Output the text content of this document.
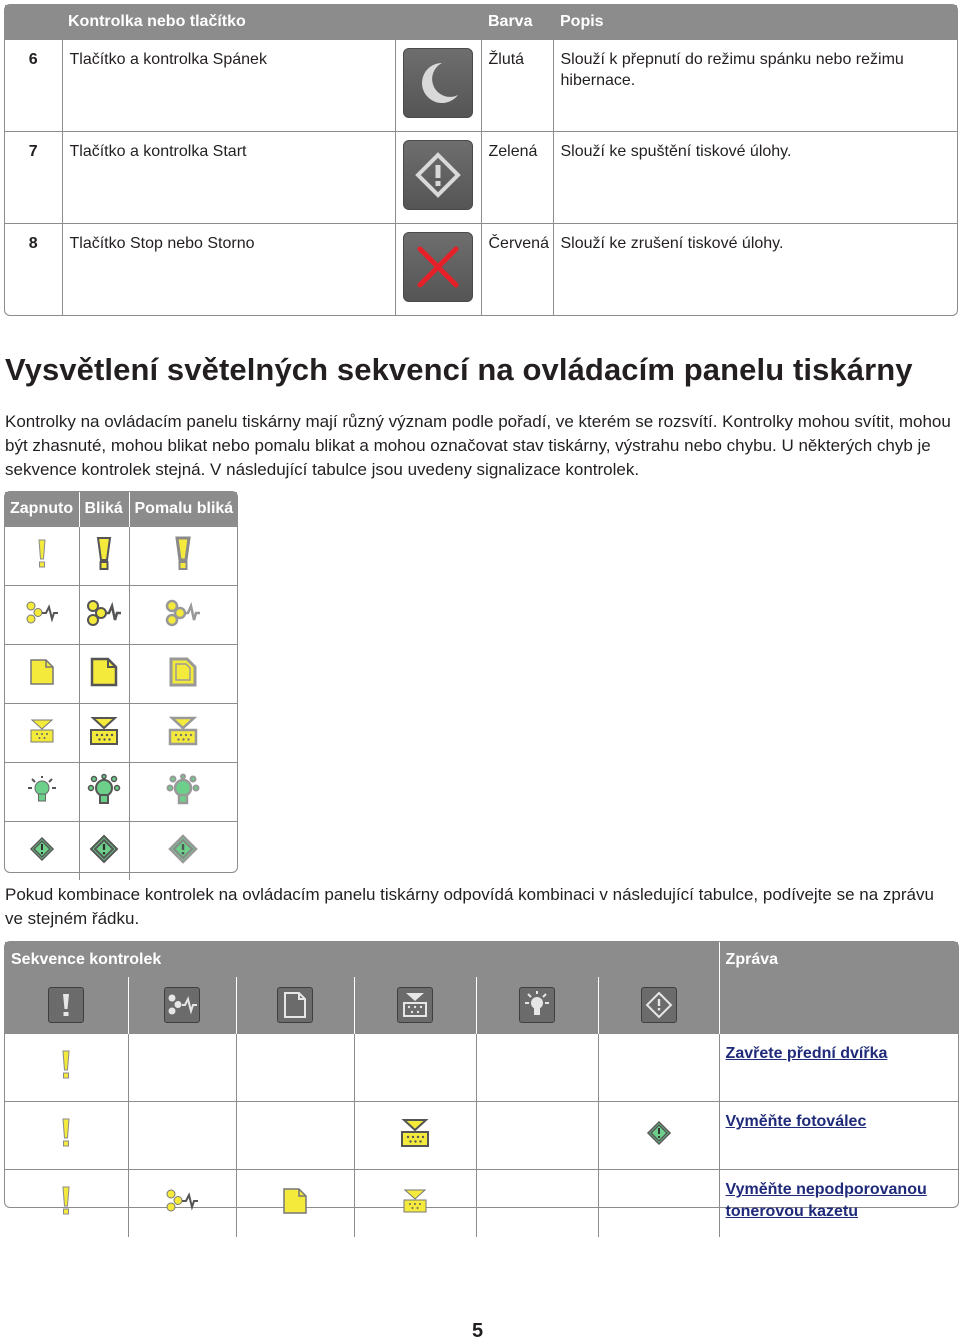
Kontrolka nebo tlačítko			Barva	Popis
6	Tlačítko a kontrolka Spánek		Žlutá	Slouží k přepnutí do režimu spánku nebo režimu hibernace.
7	Tlačítko a kontrolka Start		Zelená	Slouží ke spuštění tiskové úlohy.
8	Tlačítko Stop nebo Storno		Červená	Slouží ke zrušení tiskové úlohy.
Vysvětlení světelných sekvencí na ovládacím panelu tiskárny

Kontrolky na ovládacím panelu tiskárny mají různý význam podle pořadí, ve kterém se rozsvítí. Kontrolky mohou svítit, mohou být zhasnuté, mohou blikat nebo pomalu blikat a mohou označovat stav tiskárny, výstrahu nebo chybu. U některých chyb je sekvence kontrolek stejná. V následující tabulce jsou uvedeny signalizace kontrolek.

Zapnuto	Bliká	Pomalu bliká

Pokud kombinace kontrolek na ovládacím panelu tiskárny odpovídá kombinaci v následující tabulce, podívejte se na zprávu ve stejném řádku.

Sekvence kontrolek						Zpráva

						Zavřete přední dvířka
						Vyměňte fotoválec
						Vyměňte nepodporovanou tonerovou kazetu
5
